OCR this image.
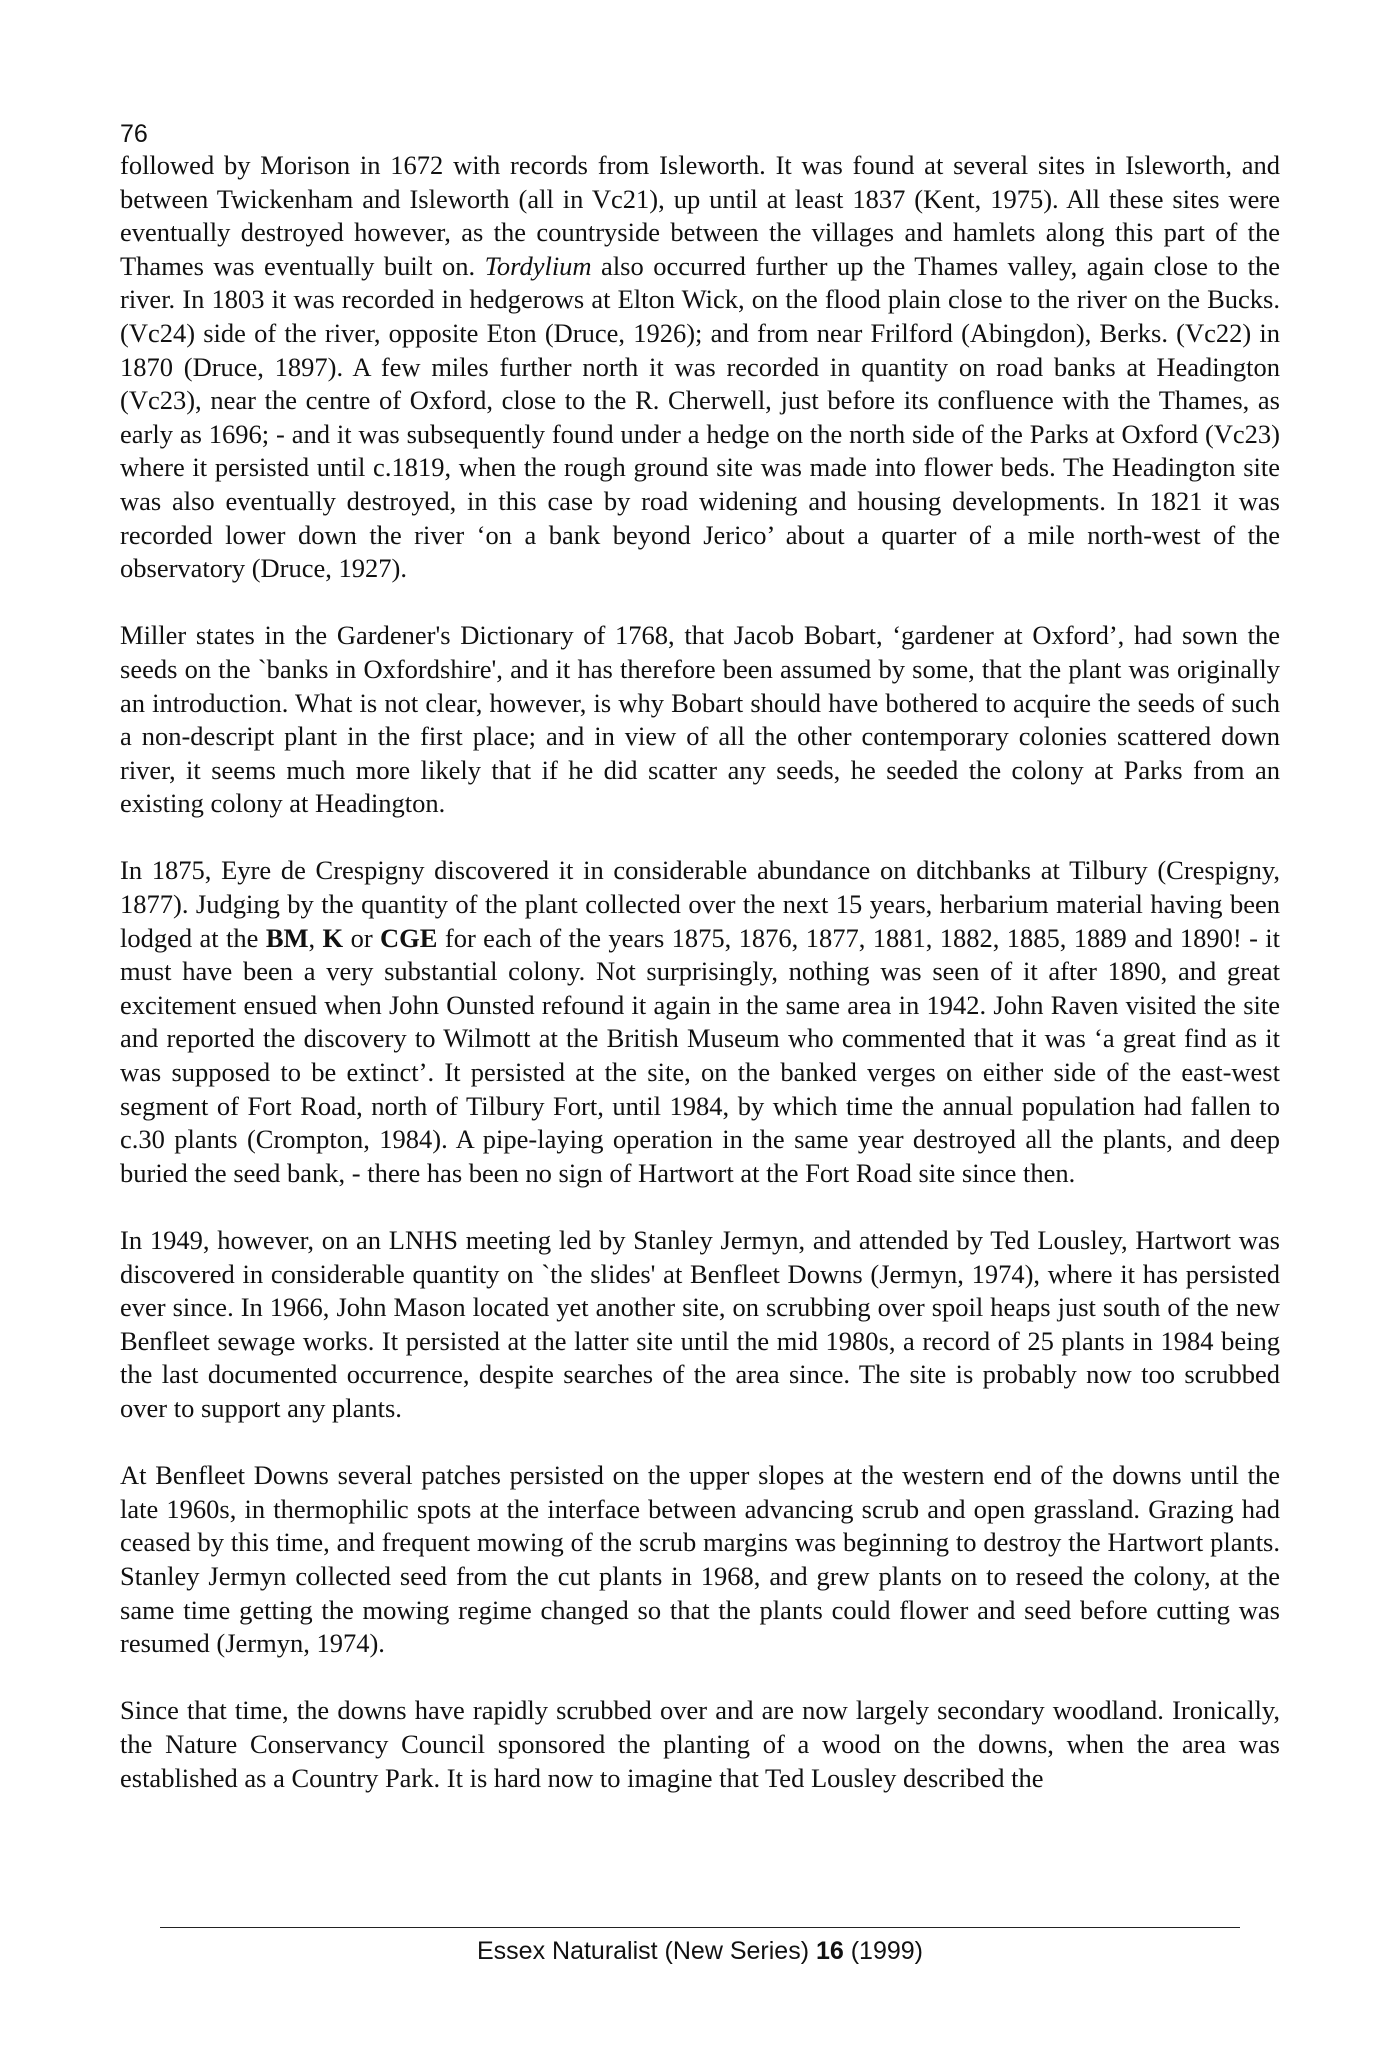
76

followed by Morison in 1672 with records from Isleworth. It was found at several sites in Isleworth, and between Twickenham and Isleworth (all in Vc21), up until at least 1837 (Kent, 1975). All these sites were eventually destroyed however, as the countryside between the villages and hamlets along this part of the Thames was eventually built on. Tordylium also occurred further up the Thames valley, again close to the river. In 1803 it was recorded in hedgerows at Elton Wick, on the flood plain close to the river on the Bucks. (Vc24) side of the river, opposite Eton (Druce, 1926); and from near Frilford (Abingdon), Berks. (Vc22) in 1870 (Druce, 1897). A few miles further north it was recorded in quantity on road banks at Headington (Vc23), near the centre of Oxford, close to the R. Cherwell, just before its confluence with the Thames, as early as 1696; - and it was subsequently found under a hedge on the north side of the Parks at Oxford (Vc23) where it persisted until c.1819, when the rough ground site was made into flower beds. The Headington site was also eventually destroyed, in this case by road widening and housing developments. In 1821 it was recorded lower down the river ‘on a bank beyond Jerico’ about a quarter of a mile north-west of the observatory (Druce, 1927).

Miller states in the Gardener's Dictionary of 1768, that Jacob Bobart, ‘gardener at Oxford’, had sown the seeds on the `banks in Oxfordshire', and it has therefore been assumed by some, that the plant was originally an introduction. What is not clear, however, is why Bobart should have bothered to acquire the seeds of such a non-descript plant in the first place; and in view of all the other contemporary colonies scattered down river, it seems much more likely that if he did scatter any seeds, he seeded the colony at Parks from an existing colony at Headington.

In 1875, Eyre de Crespigny discovered it in considerable abundance on ditchbanks at Tilbury (Crespigny, 1877). Judging by the quantity of the plant collected over the next 15 years, herbarium material having been lodged at the BM, K or CGE for each of the years 1875, 1876, 1877, 1881, 1882, 1885, 1889 and 1890! - it must have been a very substantial colony. Not surprisingly, nothing was seen of it after 1890, and great excitement ensued when John Ounsted refound it again in the same area in 1942. John Raven visited the site and reported the discovery to Wilmott at the British Museum who commented that it was ‘a great find as it was supposed to be extinct’. It persisted at the site, on the banked verges on either side of the east-west segment of Fort Road, north of Tilbury Fort, until 1984, by which time the annual population had fallen to c.30 plants (Crompton, 1984). A pipe-laying operation in the same year destroyed all the plants, and deep buried the seed bank, - there has been no sign of Hartwort at the Fort Road site since then.

In 1949, however, on an LNHS meeting led by Stanley Jermyn, and attended by Ted Lousley, Hartwort was discovered in considerable quantity on `the slides' at Benfleet Downs (Jermyn, 1974), where it has persisted ever since. In 1966, John Mason located yet another site, on scrubbing over spoil heaps just south of the new Benfleet sewage works. It persisted at the latter site until the mid 1980s, a record of 25 plants in 1984 being the last documented occurrence, despite searches of the area since. The site is probably now too scrubbed over to support any plants.

At Benfleet Downs several patches persisted on the upper slopes at the western end of the downs until the late 1960s, in thermophilic spots at the interface between advancing scrub and open grassland. Grazing had ceased by this time, and frequent mowing of the scrub margins was beginning to destroy the Hartwort plants. Stanley Jermyn collected seed from the cut plants in 1968, and grew plants on to reseed the colony, at the same time getting the mowing regime changed so that the plants could flower and seed before cutting was resumed (Jermyn, 1974).

Since that time, the downs have rapidly scrubbed over and are now largely secondary woodland. Ironically, the Nature Conservancy Council sponsored the planting of a wood on the downs, when the area was established as a Country Park. It is hard now to imagine that Ted Lousley described the

Essex Naturalist (New Series) 16 (1999)
